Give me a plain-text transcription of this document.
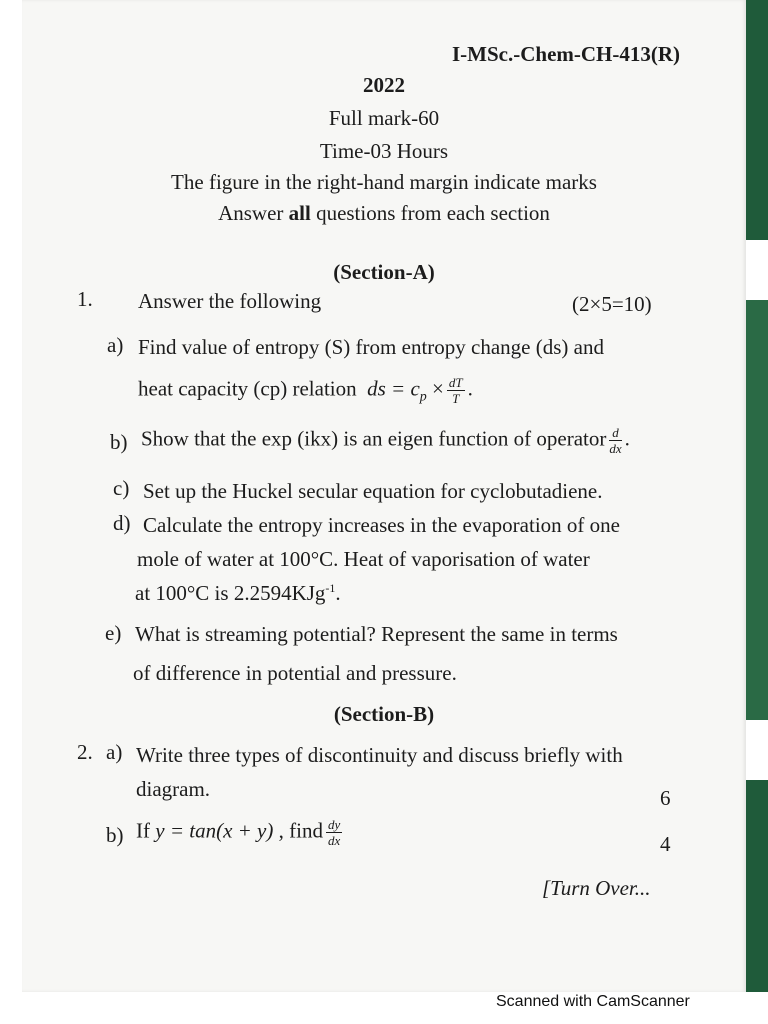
I-MSc.-Chem-CH-413(R)
2022
Full mark-60
Time-03 Hours
The figure in the right-hand margin indicate marks
Answer all questions from each section
(Section-A)
1. Answer the following	(2×5=10)
a) Find value of entropy (S) from entropy change (ds) and
heat capacity (cp) relation ds = $c_p \times \frac{dT}{T}$ .
b) Show that the exp (ikx) is an eigen function of operator $\frac{d}{dx}$ .
c) Set up the Huckel secular equation for cyclobutadiene.
d) Calculate the entropy increases in the evaporation of one
mole of water at 100°C. Heat of vaporisation of water
at 100°C is 2.2594KJg$^{-1}$.
e) What is streaming potential? Represent the same in terms
of difference in potential and pressure.
(Section-B)
2. a) Write three types of discontinuity and discuss briefly with
diagram.	6
b) If y = tan(x + y) , find $\frac{dy}{dx}$	4
[Turn Over...
Scanned with CamScanner
